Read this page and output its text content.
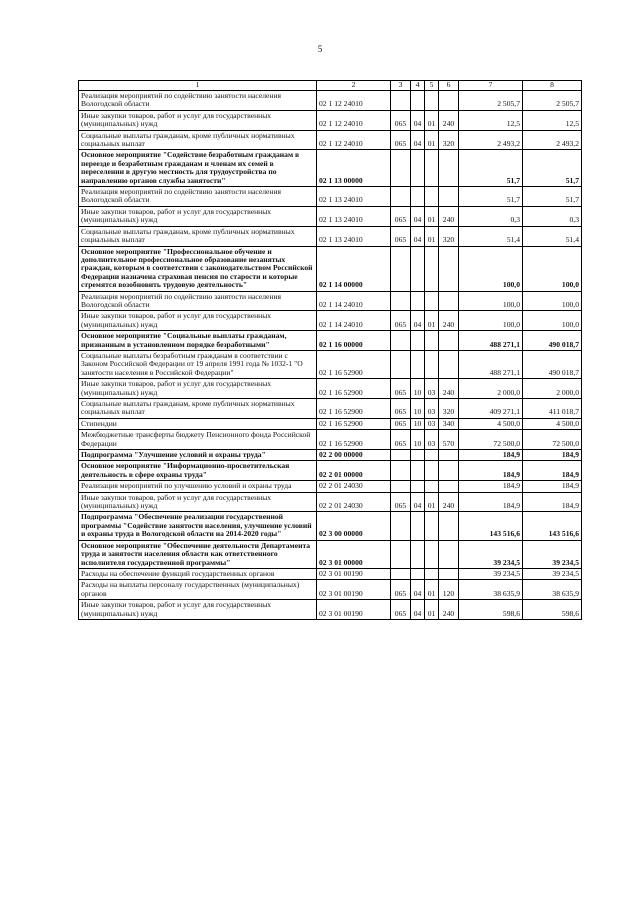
5
1	2	3	4	5	6	7	8
Реализация мероприятий по содействию занятости населения Вологодской области	02 1 12 24010					2 505,7	2 505,7
Иные закупки товаров, работ и услуг для государственных (муниципальных) нужд	02 1 12 24010	065	04	01	240	12,5	12,5
Социальные выплаты гражданам, кроме публичных нормативных социальных выплат	02 1 12 24010	065	04	01	320	2 493,2	2 493,2
Основное мероприятие "Содействие безработным гражданам в переезде и безработным гражданам и членам их семей в переселении в другую местность для трудоустройства по направлению органов службы занятости"	02 1 13 00000					51,7	51,7
Реализация мероприятий по содействию занятости населения Вологодской области	02 1 13 24010					51,7	51,7
Иные закупки товаров, работ и услуг для государственных (муниципальных) нужд	02 1 13 24010	065	04	01	240	0,3	0,3
Социальные выплаты гражданам, кроме публичных нормативных социальных выплат	02 1 13 24010	065	04	01	320	51,4	51,4
Основное мероприятие "Профессиональное обучение и дополнительное профессиональное образование незанятых граждан, которым в соответствии с законодательством Российской Федерации назначена страховая пенсия по старости и которые стремятся возобновить трудовую деятельность"	02 1 14 00000					100,0	100,0
Реализация мероприятий по содействию занятости населения Вологодской области	02 1 14 24010					100,0	100,0
Иные закупки товаров, работ и услуг для государственных (муниципальных) нужд	02 1 14 24010	065	04	01	240	100,0	100,0
Основное мероприятие "Социальные выплаты гражданам, признанным в установленном порядке безработными"	02 1 16 00000					488 271,1	490 018,7
Социальные выплаты безработным гражданам в соответствии с Законом Российской Федерации от 19 апреля 1991 года № 1032-1 "О занятости населения в Российской Федерации"	02 1 16 52900					488 271,1	490 018,7
Иные закупки товаров, работ и услуг для государственных (муниципальных) нужд	02 1 16 52900	065	10	03	240	2 000,0	2 000,0
Социальные выплаты гражданам, кроме публичных нормативных социальных выплат	02 1 16 52900	065	10	03	320	409 271,1	411 018,7
Стипендии	02 1 16 52900	065	10	03	340	4 500,0	4 500,0
Межбюджетные трансферты бюджету Пенсионного фонда Российской Федерации	02 1 16 52900	065	10	03	570	72 500,0	72 500,0
Подпрограмма "Улучшение условий и охраны труда"	02 2 00 00000					184,9	184,9
Основное мероприятие "Информационно-просветительская деятельность в сфере охраны труда"	02 2 01 00000					184,9	184,9
Реализация мероприятий по улучшению условий и охраны труда	02 2 01 24030					184,9	184,9
Иные закупки товаров, работ и услуг для государственных (муниципальных) нужд	02 2 01 24030	065	04	01	240	184,9	184,9
Подпрограмма "Обеспечение реализации государственной программы "Содействие занятости населения, улучшение условий и охраны труда в Вологодской области на 2014-2020 годы"	02 3 00 00000					143 516,6	143 516,6
Основное мероприятие "Обеспечение деятельности Департамента труда и занятости населения области как ответственного исполнителя государственной программы"	02 3 01 00000					39 234,5	39 234,5
Расходы на обеспечение функций государственных органов	02 3 01 00190					39 234,5	39 234,5
Расходы на выплаты персоналу государственных (муниципальных) органов	02 3 01 00190	065	04	01	120	38 635,9	38 635,9
Иные закупки товаров, работ и услуг для государственных (муниципальных) нужд	02 3 01 00190	065	04	01	240	598,6	598,6
